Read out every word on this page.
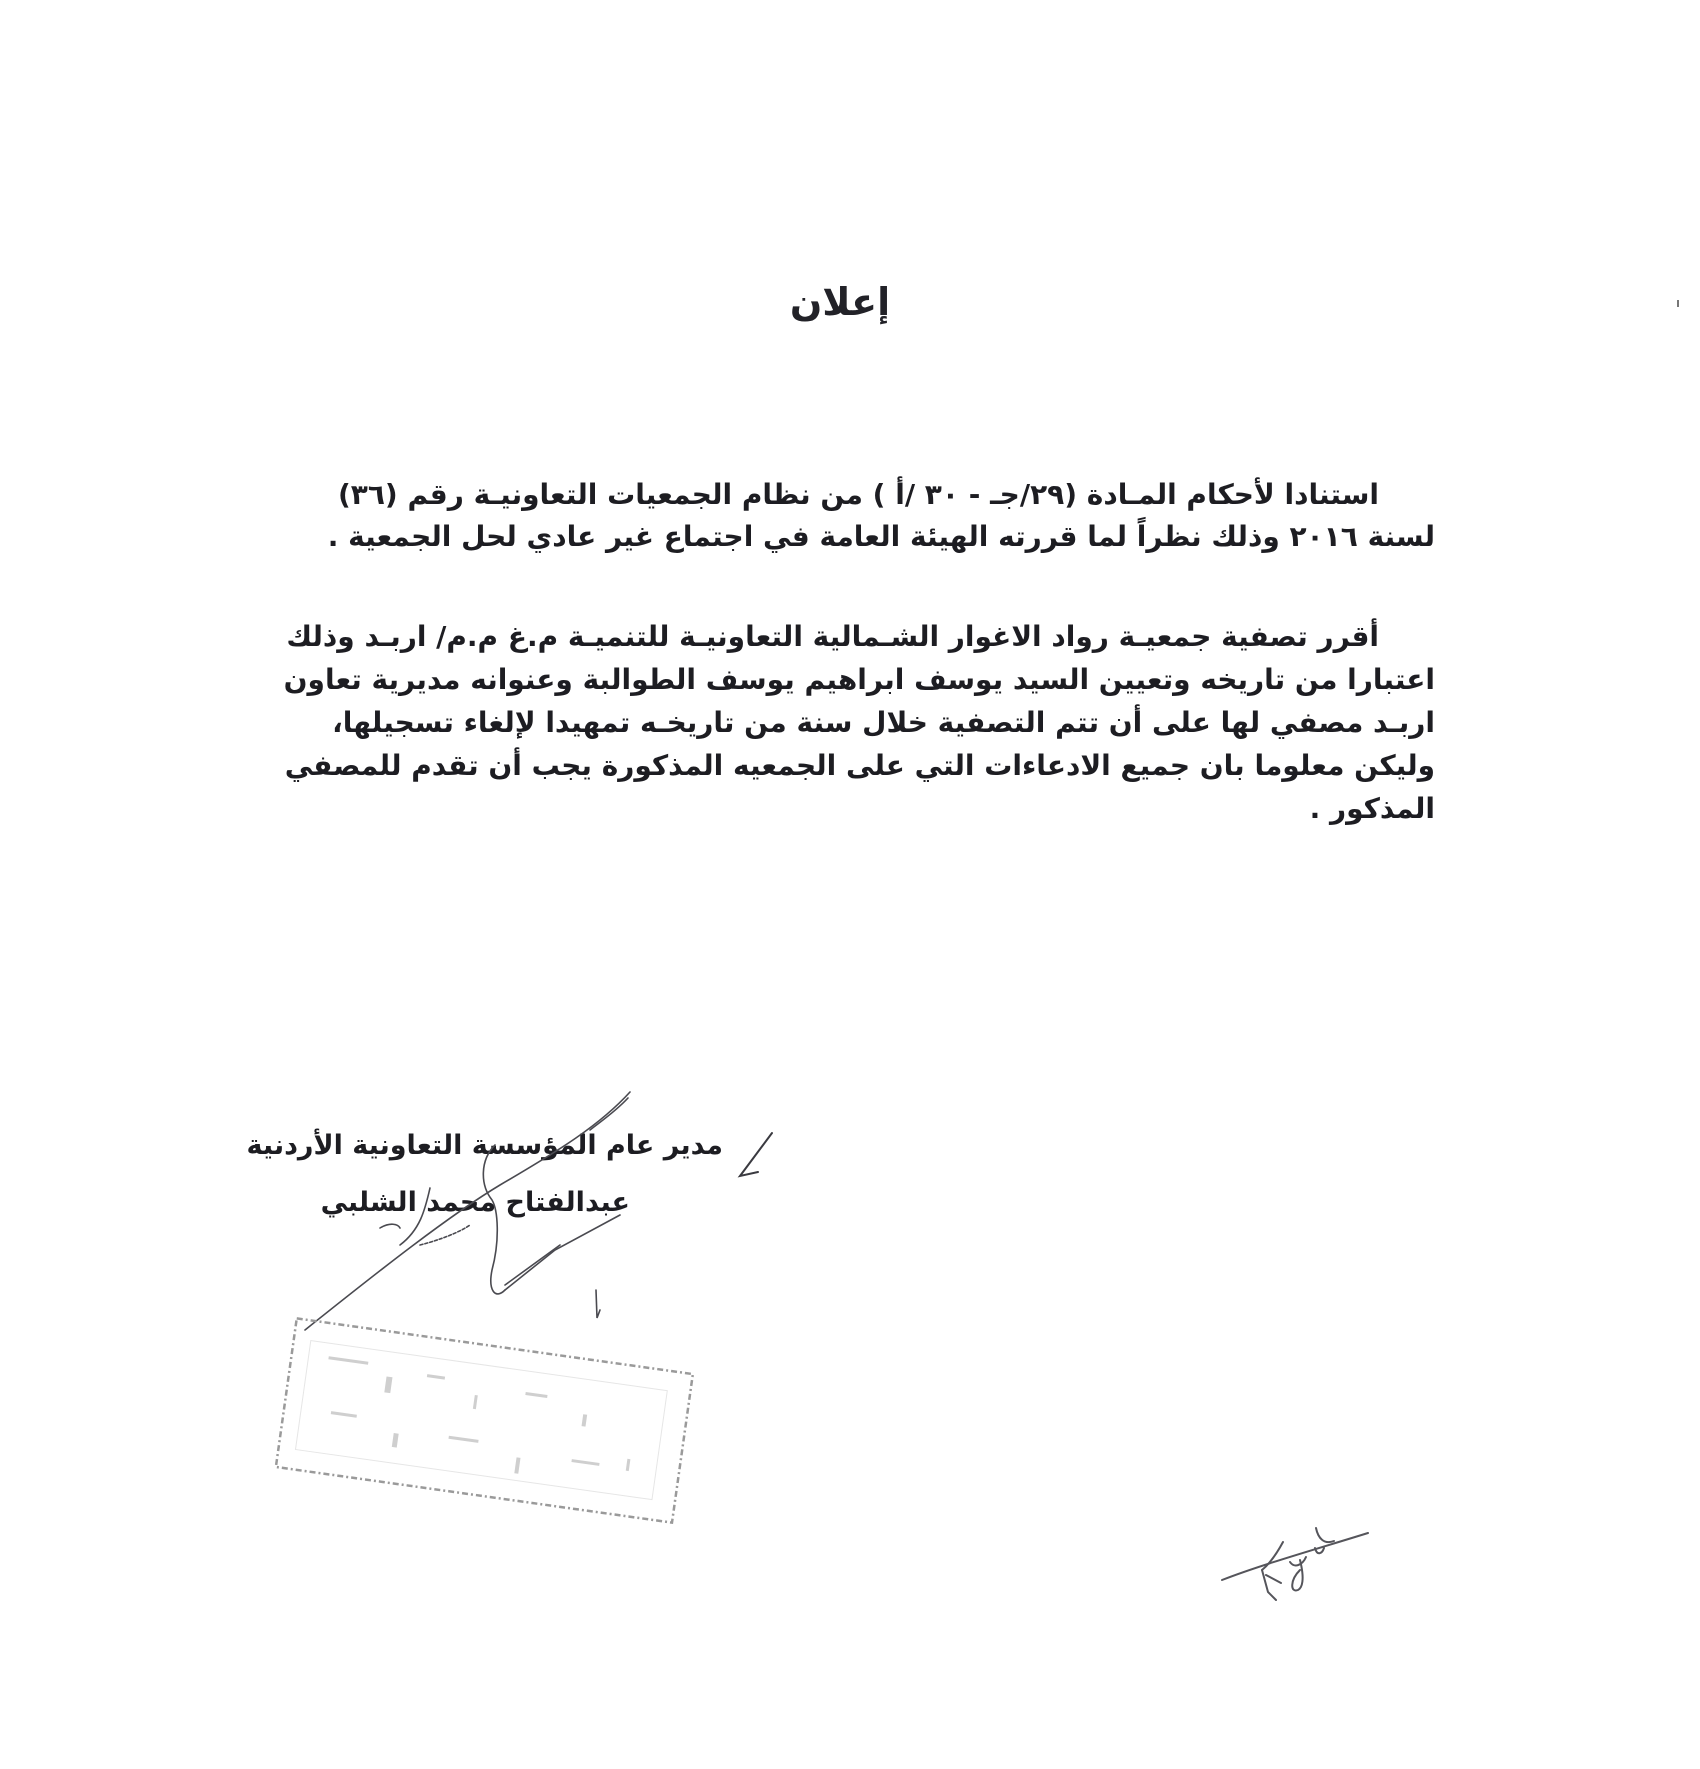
إعلان
استنادا لأحكام المـادة (٢٩/جـ - ٣٠ /أ ) من نظام الجمعيات التعاونيـة رقم (٣٦)
لسنة ٢٠١٦ وذلك نظراً لما قررته الهيئة العامة في اجتماع غير عادي لحل الجمعية .
أقرر تصفية جمعيـة رواد الاغوار الشـمالية التعاونيـة للتنميـة م.غ م.م/ اربـد وذلك
اعتبارا من تاريخه وتعيين السيد يوسف ابراهيم يوسف الطوالبة وعنوانه مديرية تعاون
اربـد مصفي لها على أن تتم التصفية خلال سنة من تاريخـه تمهيدا لإلغاء تسجيلها،
وليكن معلوما بان جميع الادعاءات التي على الجمعيه المذكورة يجب أن تقدم للمصفي
المذكور .
مدير عام المؤسسة التعاونية الأردنية
عبدالفتاح محمد الشلبي
